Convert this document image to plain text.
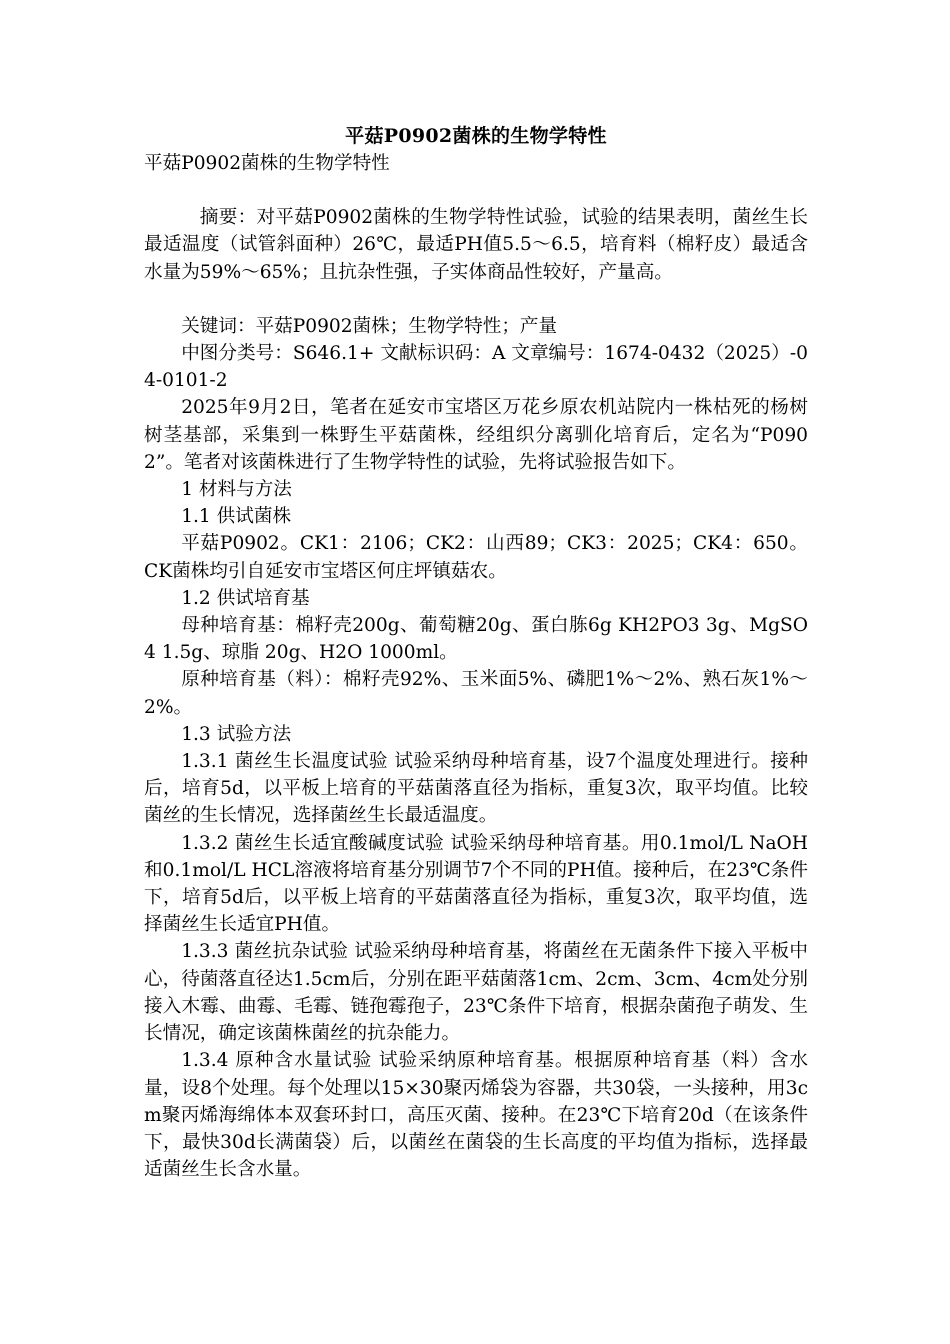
平菇P0902菌株的生物学特性

平菇P0902菌株的生物学特性

摘要：对平菇P0902菌株的生物学特性试验，试验的结果表明，菌丝生长最适温度（试管斜面种）26℃，最适PH值5.5～6.5，培育料（棉籽皮）最适含水量为59%～65%；且抗杂性强，子实体商品性较好，产量高。

关键词：平菇P0902菌株；生物学特性；产量

中图分类号：S646.1+ 文献标识码：A 文章编号：1674-0432（2025）-04-0101-2

2025年9月2日，笔者在延安市宝塔区万花乡原农机站院内一株枯死的杨树树茎基部，采集到一株野生平菇菌株，经组织分离驯化培育后，定名为“P0902”。笔者对该菌株进行了生物学特性的试验，先将试验报告如下。

1 材料与方法

1.1 供试菌株

平菇P0902。CK1：2106；CK2：山西89；CK3：2025；CK4：650。CK菌株均引自延安市宝塔区何庄坪镇菇农。

1.2 供试培育基

母种培育基：棉籽壳200g、葡萄糖20g、蛋白胨6g KH2PO3 3g、MgSO4 1.5g、琼脂 20g、H2O 1000ml。

原种培育基（料）：棉籽壳92%、玉米面5%、磷肥1%～2%、熟石灰1%～2%。

1.3 试验方法

1.3.1 菌丝生长温度试验 试验采纳母种培育基，设7个温度处理进行。接种后，培育5d，以平板上培育的平菇菌落直径为指标，重复3次，取平均值。比较菌丝的生长情况，选择菌丝生长最适温度。

1.3.2 菌丝生长适宜酸碱度试验 试验采纳母种培育基。用0.1mol/L NaOH和0.1mol/L HCL溶液将培育基分别调节7个不同的PH值。接种后，在23℃条件下，培育5d后，以平板上培育的平菇菌落直径为指标，重复3次，取平均值，选择菌丝生长适宜PH值。

1.3.3 菌丝抗杂试验 试验采纳母种培育基，将菌丝在无菌条件下接入平板中心，待菌落直径达1.5cm后，分别在距平菇菌落1cm、2cm、3cm、4cm处分别接入木霉、曲霉、毛霉、链孢霉孢子，23℃条件下培育，根据杂菌孢子萌发、生长情况，确定该菌株菌丝的抗杂能力。

1.3.4 原种含水量试验 试验采纳原种培育基。根据原种培育基（料）含水量，设8个处理。每个处理以15×30聚丙烯袋为容器，共30袋，一头接种，用3cm聚丙烯海绵体本双套环封口，高压灭菌、接种。在23℃下培育20d（在该条件下，最快30d长满菌袋）后，以菌丝在菌袋的生长高度的平均值为指标，选择最适菌丝生长含水量。
